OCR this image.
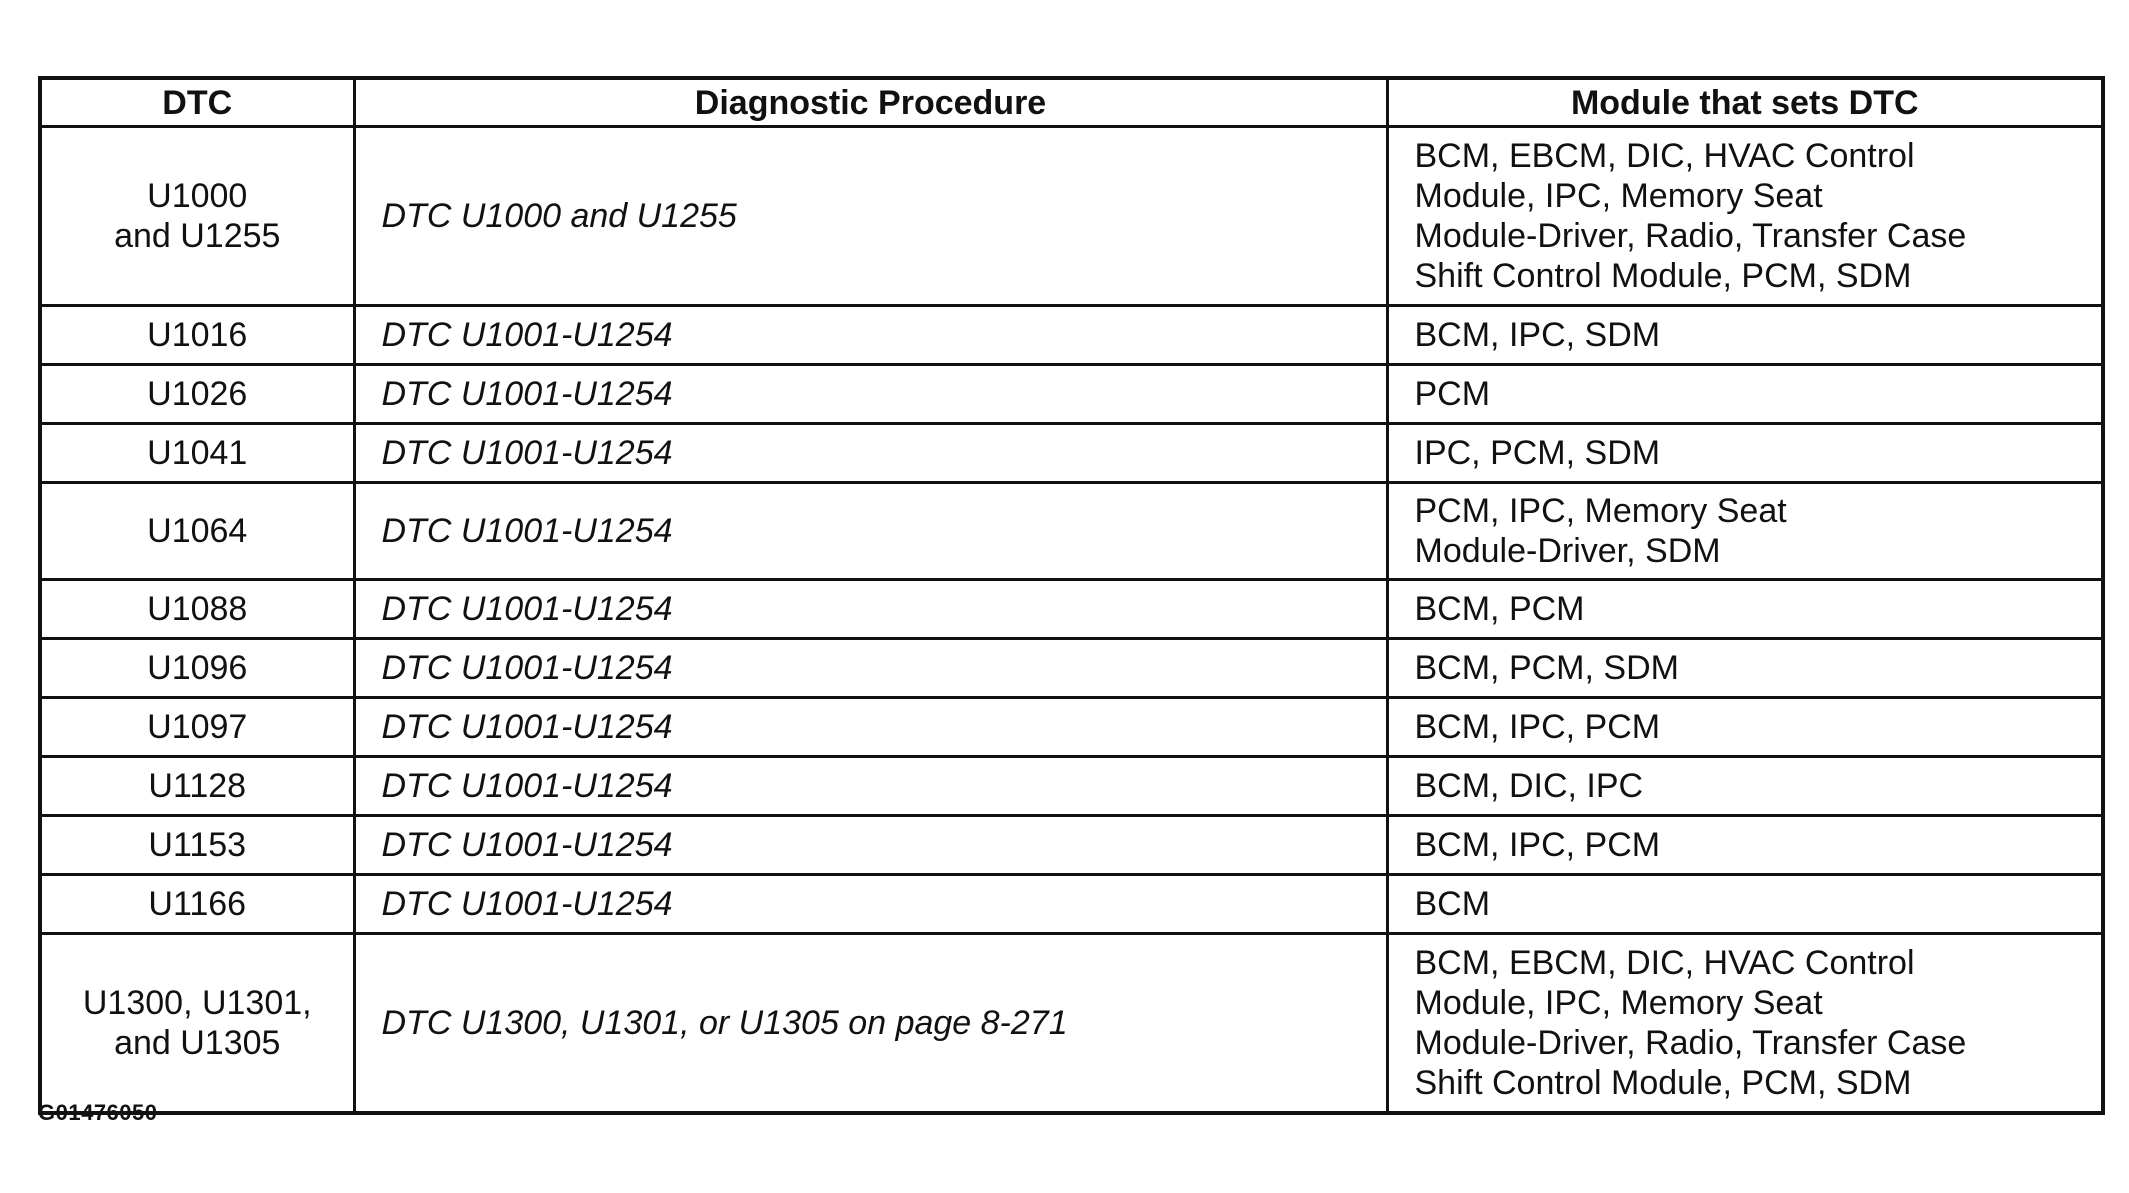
DTC	Diagnostic Procedure	Module that sets DTC
U1000
and U1255	DTC U1000 and U1255	BCM, EBCM, DIC, HVAC Control
Module, IPC, Memory Seat
Module-Driver, Radio, Transfer Case
Shift Control Module, PCM, SDM
U1016	DTC U1001-U1254	BCM, IPC, SDM
U1026	DTC U1001-U1254	PCM
U1041	DTC U1001-U1254	IPC, PCM, SDM
U1064	DTC U1001-U1254	PCM, IPC, Memory Seat
Module-Driver, SDM
U1088	DTC U1001-U1254	BCM, PCM
U1096	DTC U1001-U1254	BCM, PCM, SDM
U1097	DTC U1001-U1254	BCM, IPC, PCM
U1128	DTC U1001-U1254	BCM, DIC, IPC
U1153	DTC U1001-U1254	BCM, IPC, PCM
U1166	DTC U1001-U1254	BCM
U1300, U1301,
and U1305	DTC U1300, U1301, or U1305 on page 8-271	BCM, EBCM, DIC, HVAC Control
Module, IPC, Memory Seat
Module-Driver, Radio, Transfer Case
Shift Control Module, PCM, SDM
G01476050
